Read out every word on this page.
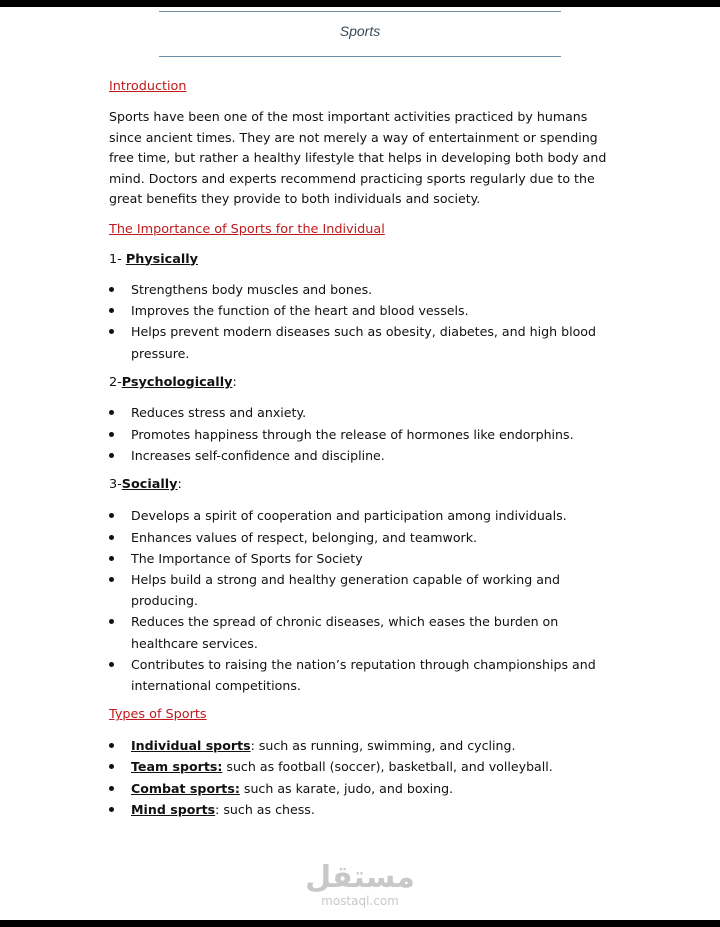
Sports

Introduction

Sports have been one of the most important activities practiced by humans since ancient times. They are not merely a way of entertainment or spending free time, but rather a healthy lifestyle that helps in developing both body and mind. Doctors and experts recommend practicing sports regularly due to the great benefits they provide to both individuals and society.

The Importance of Sports for the Individual

1- Physically

Strengthens body muscles and bones.
Improves the function of the heart and blood vessels.
Helps prevent modern diseases such as obesity, diabetes, and high blood pressure.

2-Psychologically:

Reduces stress and anxiety.
Promotes happiness through the release of hormones like endorphins.
Increases self-confidence and discipline.

3-Socially:

Develops a spirit of cooperation and participation among individuals.
Enhances values of respect, belonging, and teamwork.
The Importance of Sports for Society
Helps build a strong and healthy generation capable of working and producing.
Reduces the spread of chronic diseases, which eases the burden on healthcare services.
Contributes to raising the nation’s reputation through championships and international competitions.

Types of Sports

Individual sports: such as running, swimming, and cycling.
Team sports: such as football (soccer), basketball, and volleyball.
Combat sports: such as karate, judo, and boxing.
Mind sports: such as chess.
مستقل
mostaql.com
